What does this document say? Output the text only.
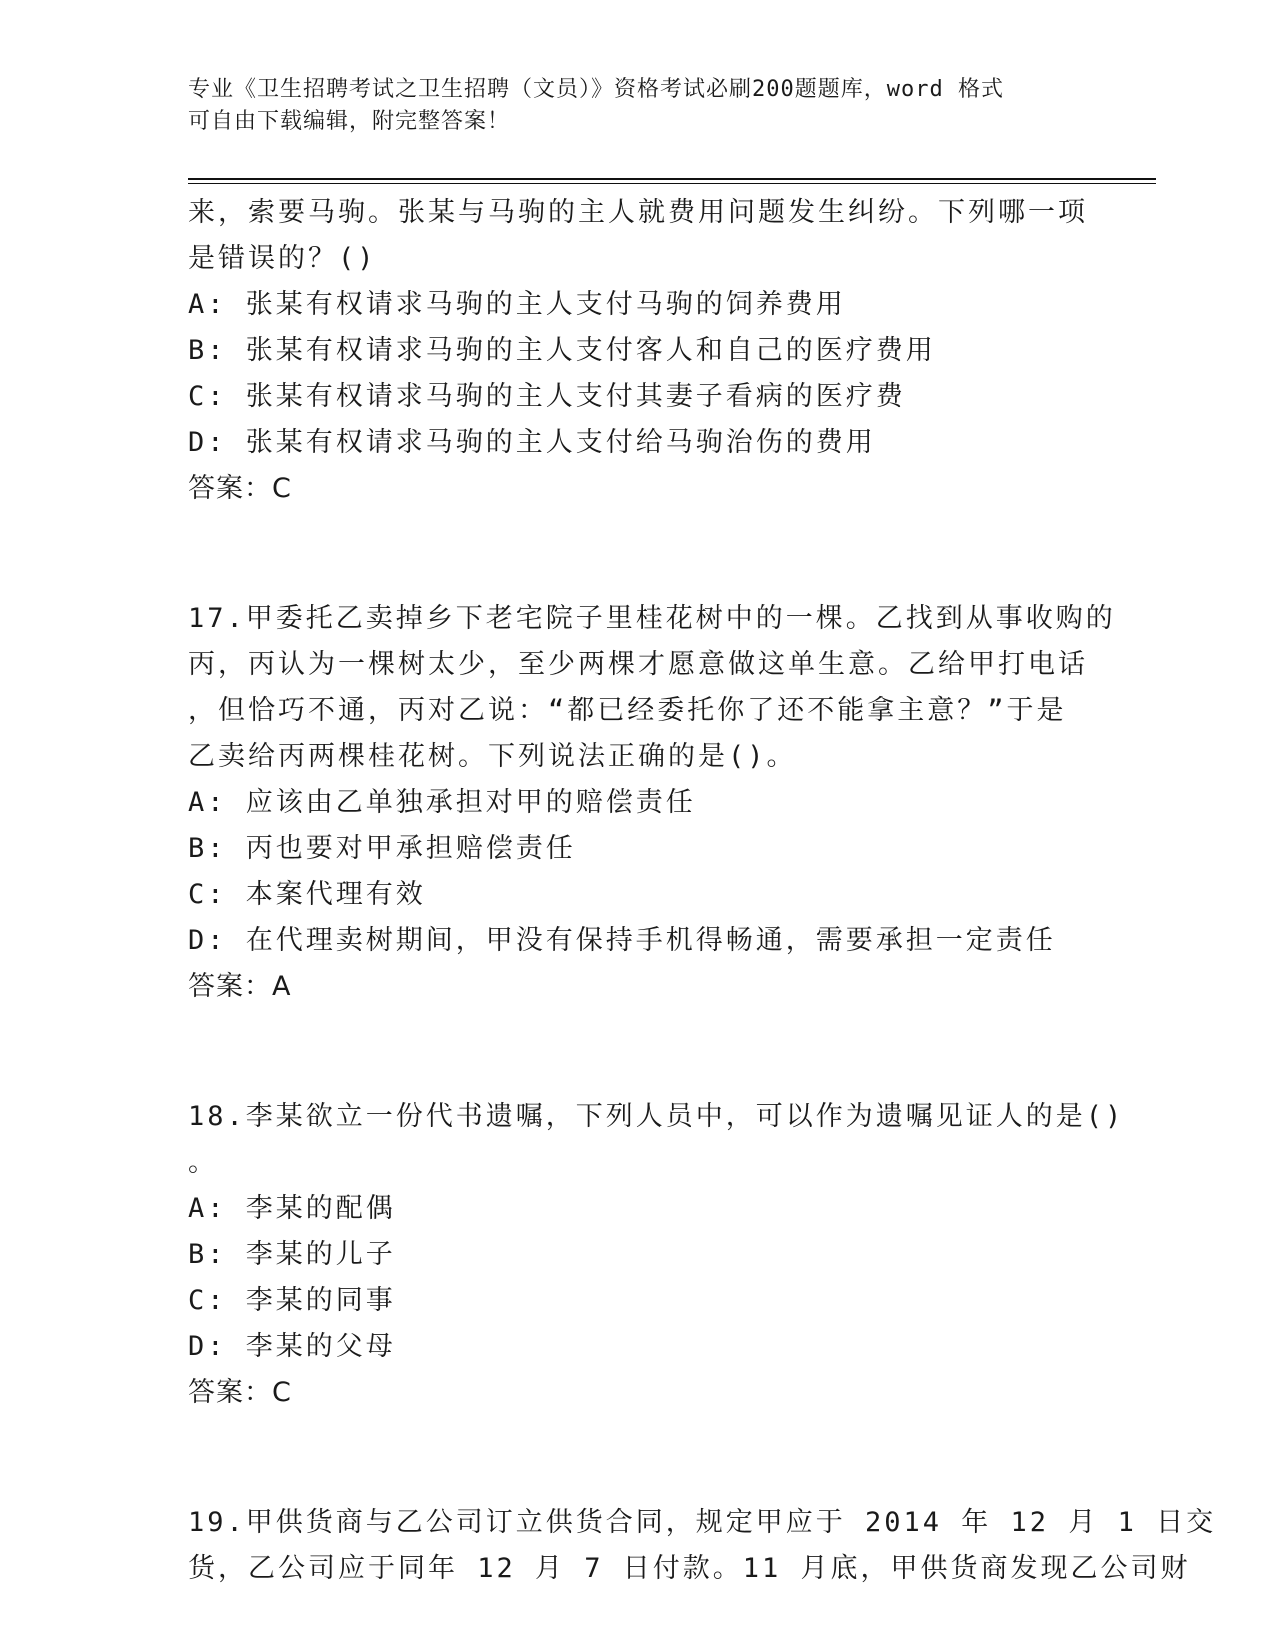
专业《卫生招聘考试之卫生招聘（文员）》资格考试必刷200题题库，word 格式
可自由下载编辑，附完整答案！
来，索要马驹。张某与马驹的主人就费用问题发生纠纷。下列哪一项
是错误的？()
A: 张某有权请求马驹的主人支付马驹的饲养费用
B: 张某有权请求马驹的主人支付客人和自己的医疗费用
C: 张某有权请求马驹的主人支付其妻子看病的医疗费
D: 张某有权请求马驹的主人支付给马驹治伤的费用
答案：C
17.甲委托乙卖掉乡下老宅院子里桂花树中的一棵。乙找到从事收购的
丙，丙认为一棵树太少，至少两棵才愿意做这单生意。乙给甲打电话
，但恰巧不通，丙对乙说：“都已经委托你了还不能拿主意？”于是
乙卖给丙两棵桂花树。下列说法正确的是()。
A: 应该由乙单独承担对甲的赔偿责任
B: 丙也要对甲承担赔偿责任
C: 本案代理有效
D: 在代理卖树期间，甲没有保持手机得畅通，需要承担一定责任
答案：A
18.李某欲立一份代书遗嘱，下列人员中，可以作为遗嘱见证人的是()
。
A: 李某的配偶
B: 李某的儿子
C: 李某的同事
D: 李某的父母
答案：C
19.甲供货商与乙公司订立供货合同，规定甲应于 2014 年 12 月 1 日交
货，乙公司应于同年 12 月 7 日付款。11 月底，甲供货商发现乙公司财
